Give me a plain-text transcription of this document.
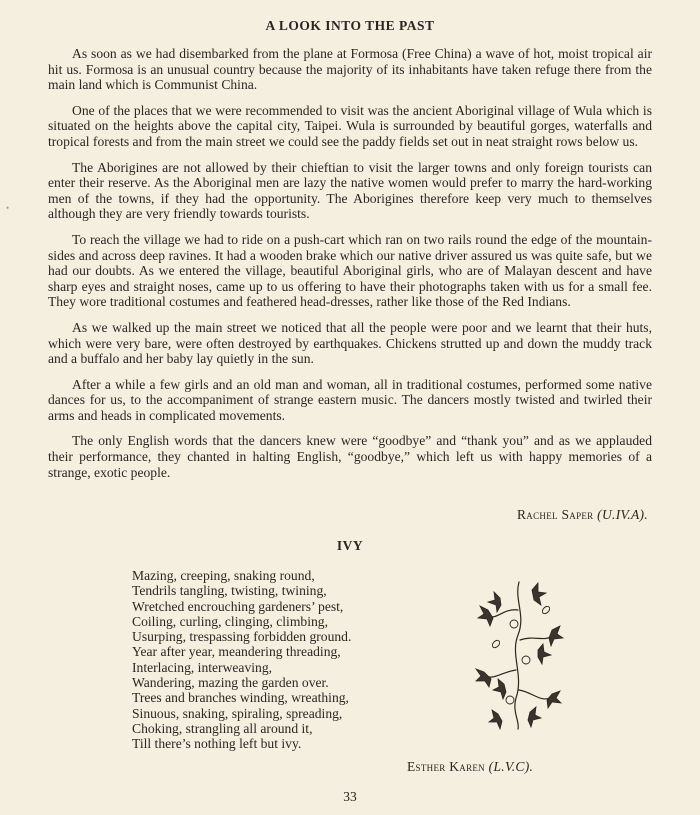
•
A LOOK INTO THE PAST

As soon as we had disembarked from the plane at Formosa (Free China) a wave of hot, moist tropical air hit us. Formosa is an unusual country because the majority of its inhabitants have taken refuge there from the main land which is Communist China.

One of the places that we were recommended to visit was the ancient Aboriginal village of Wula which is situated on the heights above the capital city, Taipei. Wula is surrounded by beautiful gorges, waterfalls and tropical forests and from the main street we could see the paddy fields set out in neat straight rows below us.

The Aborigines are not allowed by their chieftian to visit the larger towns and only foreign tourists can enter their reserve. As the Aboriginal men are lazy the native women would prefer to marry the hard-working men of the towns, if they had the opportunity. The Aborigines therefore keep very much to themselves although they are very friendly towards tourists.

To reach the village we had to ride on a push-cart which ran on two rails round the edge of the mountain-sides and across deep ravines. It had a wooden brake which our native driver assured us was quite safe, but we had our doubts. As we entered the village, beautiful Aboriginal girls, who are of Malayan descent and have sharp eyes and straight noses, came up to us offering to have their photographs taken with us for a small fee. They wore traditional costumes and feathered head-dresses, rather like those of the Red Indians.

As we walked up the main street we noticed that all the people were poor and we learnt that their huts, which were very bare, were often destroyed by earthquakes. Chickens strutted up and down the muddy track and a buffalo and her baby lay quietly in the sun.

After a while a few girls and an old man and woman, all in traditional costumes, performed some native dances for us, to the accompaniment of strange eastern music. The dancers mostly twisted and twirled their arms and heads in complicated movements.

The only English words that the dancers knew were “goodbye” and “thank you” and as we applauded their performance, they chanted in halting English, “goodbye,” which left us with happy memories of a strange, exotic people.

Rachel Saper (U.IV.A).
IVY
Mazing, creeping, snaking round,
Tendrils tangling, twisting, twining,
Wretched encrouching gardeners’ pest,
Coiling, curling, clinging, climbing,
Usurping, trespassing forbidden ground.
Year after year, meandering threading,
Interlacing, interweaving,
Wandering, mazing the garden over.
Trees and branches winding, wreathing,
Sinuous, snaking, spiraling, spreading,
Choking, strangling all around it,
Till there’s nothing left but ivy.
Esther Karen (L.V.C).
33
